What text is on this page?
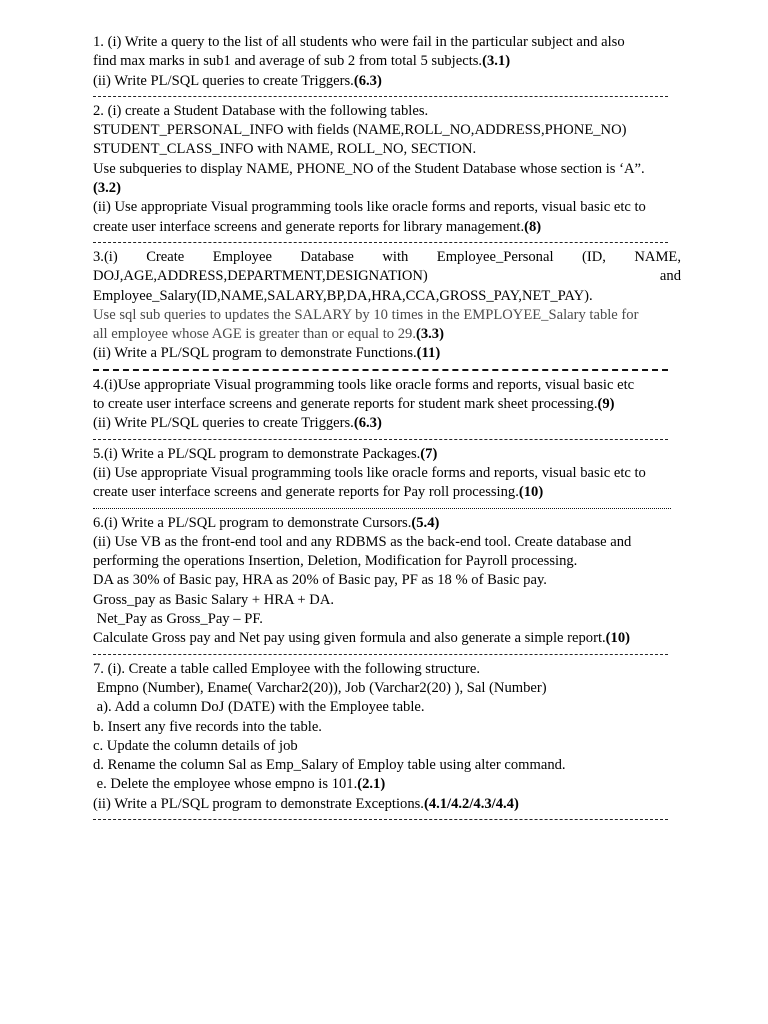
1. (i) Write a query to the list of all students who were fail in the particular subject and also
find max marks in sub1 and average of sub 2 from total 5 subjects.(3.1)
(ii) Write PL/SQL queries to create Triggers.(6.3)
2. (i) create a Student Database with the following tables.
STUDENT_PERSONAL_INFO with fields (NAME,ROLL_NO,ADDRESS,PHONE_NO)
STUDENT_CLASS_INFO with NAME, ROLL_NO, SECTION.
Use subqueries to display NAME, PHONE_NO of the Student Database whose section is ‘A”.
(3.2)
(ii) Use appropriate Visual programming tools like oracle forms and reports, visual basic etc to
create user interface screens and generate reports for library management.(8)
3.(i) Create Employee Database with Employee_Personal (ID, NAME,
DOJ,AGE,ADDRESS,DEPARTMENT,DESIGNATION) and
Employee_Salary(ID,NAME,SALARY,BP,DA,HRA,CCA,GROSS_PAY,NET_PAY).
Use sql sub queries to updates the SALARY by 10 times in the EMPLOYEE_Salary table for
all employee whose AGE is greater than or equal to 29.(3.3)
(ii) Write a PL/SQL program to demonstrate Functions.(11)
4.(i)Use appropriate Visual programming tools like oracle forms and reports, visual basic etc
to create user interface screens and generate reports for student mark sheet processing.(9)
(ii) Write PL/SQL queries to create Triggers.(6.3)
5.(i) Write a PL/SQL program to demonstrate Packages.(7)
(ii) Use appropriate Visual programming tools like oracle forms and reports, visual basic etc to
create user interface screens and generate reports for Pay roll processing.(10)
6.(i) Write a PL/SQL program to demonstrate Cursors.(5.4)
(ii) Use VB as the front-end tool and any RDBMS as the back-end tool. Create database and
performing the operations Insertion, Deletion, Modification for Payroll processing.
DA as 30% of Basic pay, HRA as 20% of Basic pay, PF as 18 % of Basic pay.
Gross_pay as Basic Salary + HRA + DA.
Net_Pay as Gross_Pay – PF.
Calculate Gross pay and Net pay using given formula and also generate a simple report.(10)
7. (i). Create a table called Employee with the following structure.
Empno (Number), Ename( Varchar2(20)), Job (Varchar2(20) ), Sal (Number)
a). Add a column DoJ (DATE) with the Employee table.
b. Insert any five records into the table.
c. Update the column details of job
d. Rename the column Sal as Emp_Salary of Employ table using alter command.
e. Delete the employee whose empno is 101.(2.1)
(ii) Write a PL/SQL program to demonstrate Exceptions.(4.1/4.2/4.3/4.4)
